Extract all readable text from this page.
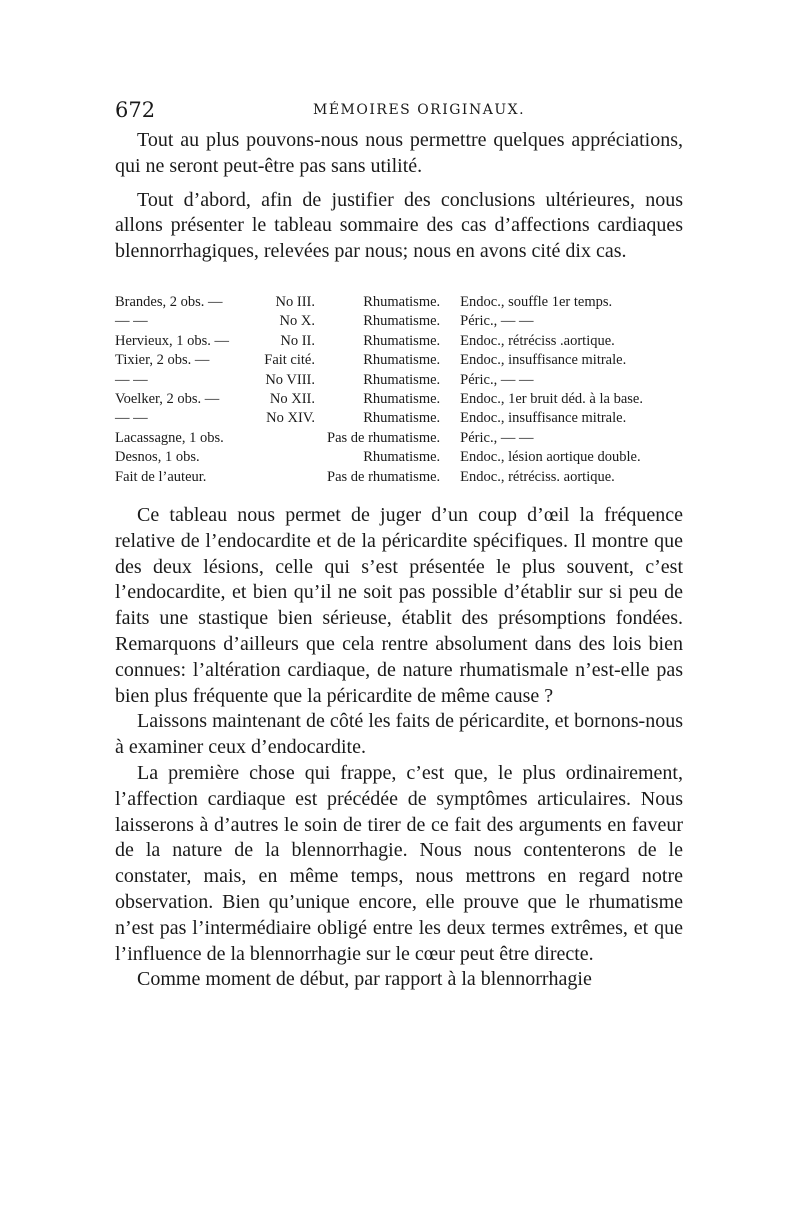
672	MÉMOIRES ORIGINAUX.

Tout au plus pouvons-nous nous permettre quelques appréciations, qui ne seront peut-être pas sans utilité.

Tout d’abord, afin de justifier des conclusions ultérieures, nous allons présenter le tableau sommaire des cas d’affections cardiaques blennorrhagiques, relevées par nous; nous en avons cité dix cas.

Brandes, 2 obs. — No III.	Rhumatisme.	Endoc., souffle 1er temps.

— — No X.	Rhumatisme.	Péric., — —

Hervieux, 1 obs. — No II.	Rhumatisme.	Endoc., rétréciss .aortique.

Tixier, 2 obs. — Fait cité.	Rhumatisme.	Endoc., insuffisance mitrale.

— — No VIII.	Rhumatisme.	Péric., — —

Voelker, 2 obs. — No XII.	Rhumatisme.	Endoc., 1er bruit déd. à la base.

— — No XIV.	Rhumatisme.	Endoc., insuffisance mitrale.

Lacassagne, 1 obs.	Pas de rhumatisme.	Péric., — —

Desnos, 1 obs.	Rhumatisme.	Endoc., lésion aortique double.

Fait de l’auteur.	Pas de rhumatisme.	Endoc., rétréciss. aortique.

Ce tableau nous permet de juger d’un coup d’œil la fréquence relative de l’endocardite et de la péricardite spécifiques. Il montre que des deux lésions, celle qui s’est présentée le plus souvent, c’est l’endocardite, et bien qu’il ne soit pas possible d’établir sur si peu de faits une stastique bien sérieuse, établit des présomptions fondées. Remarquons d’ailleurs que cela rentre absolument dans des lois bien connues: l’altération cardiaque, de nature rhumatismale n’est-elle pas bien plus fréquente que la péricardite de même cause ?

Laissons maintenant de côté les faits de péricardite, et bornons-nous à examiner ceux d’endocardite.

La première chose qui frappe, c’est que, le plus ordinairement, l’affection cardiaque est précédée de symptômes articulaires. Nous laisserons à d’autres le soin de tirer de ce fait des arguments en faveur de la nature de la blennorrhagie. Nous nous contenterons de le constater, mais, en même temps, nous mettrons en regard notre observation. Bien qu’unique encore, elle prouve que le rhumatisme n’est pas l’intermédiaire obligé entre les deux termes extrêmes, et que l’influence de la blennorrhagie sur le cœur peut être directe.

Comme moment de début, par rapport à la blennorrhagie
